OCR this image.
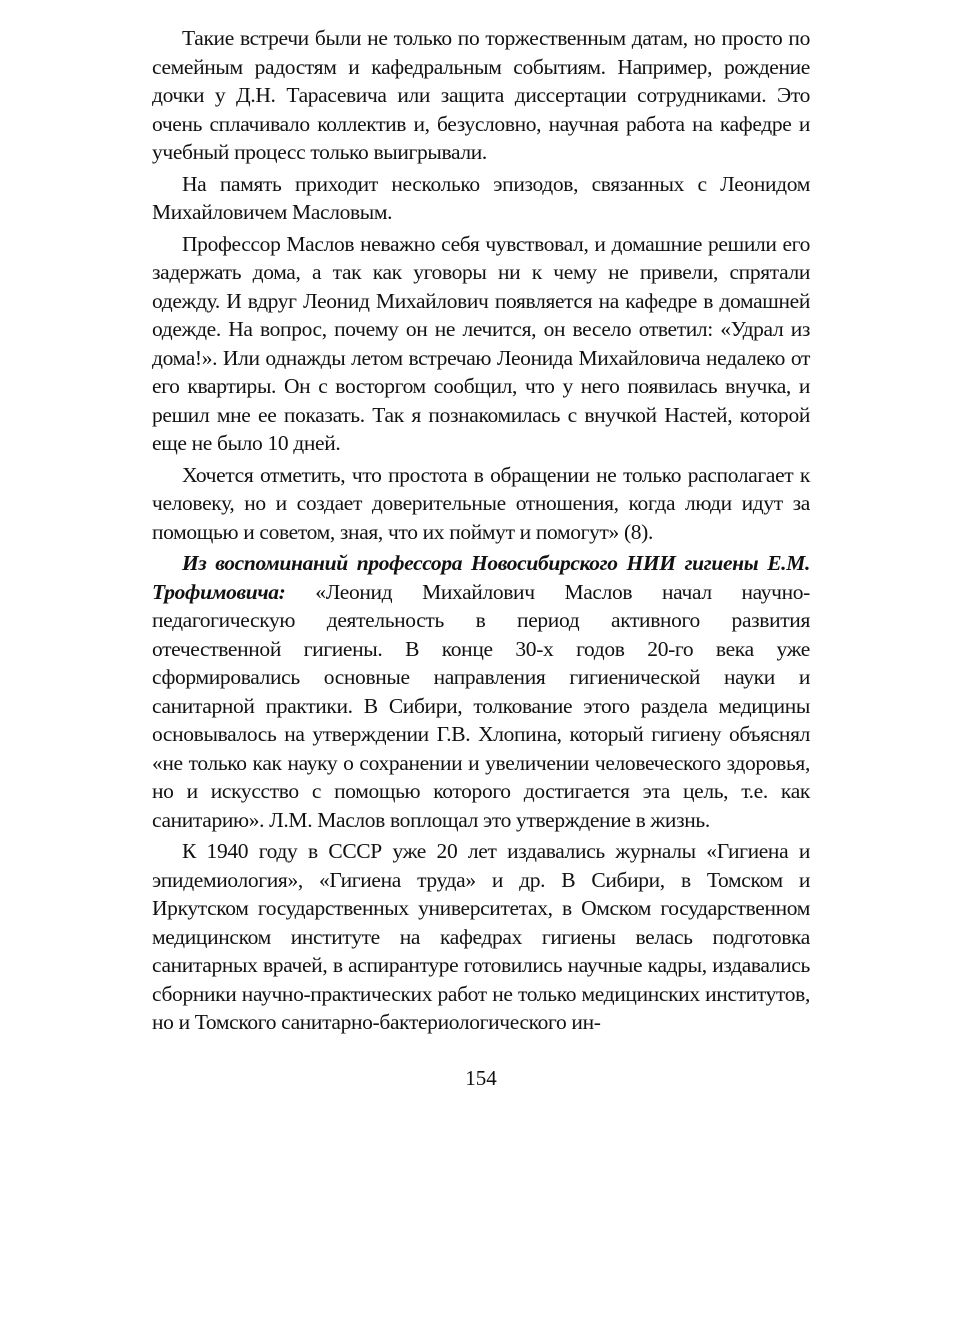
Такие встречи были не только по торжественным датам, но просто по семейным радостям и кафедральным событиям. Например, рождение дочки у Д.Н. Тарасевича или защита диссертации сотрудниками. Это очень сплачивало коллектив и, безусловно, научная работа на кафедре и учебный процесс только выигрывали.

На память приходит несколько эпизодов, связанных с Леонидом Михайловичем Масловым.

Профессор Маслов неважно себя чувствовал, и домашние решили его задержать дома, а так как уговоры ни к чему не привели, спрятали одежду. И вдруг Леонид Михайлович появляется на кафедре в домашней одежде. На вопрос, почему он не лечится, он весело ответил: «Удрал из дома!». Или однажды летом встречаю Леонида Михайловича недалеко от его квартиры. Он с восторгом сообщил, что у него появилась внучка, и решил мне ее показать. Так я познакомилась с внучкой Настей, которой еще не было 10 дней.

Хочется отметить, что простота в обращении не только располагает к человеку, но и создает доверительные отношения, когда люди идут за помощью и советом, зная, что их поймут и помогут» (8).

Из воспоминаний профессора Новосибирского НИИ гигиены Е.М. Трофимовича: «Леонид Михайлович Маслов начал научно-педагогическую деятельность в период активного развития отечественной гигиены. В конце 30-х годов 20-го века уже сформировались основные направления гигиенической науки и санитарной практики. В Сибири, толкование этого раздела медицины основывалось на утверждении Г.В. Хлопина, который гигиену объяснял «не только как науку о сохранении и увеличении человеческого здоровья, но и искусство с помощью которого достигается эта цель, т.е. как санитарию». Л.М. Маслов воплощал это утверждение в жизнь.

К 1940 году в СССР уже 20 лет издавались журналы «Гигиена и эпидемиология», «Гигиена труда» и др. В Сибири, в Томском и Иркутском государственных университетах, в Омском государственном медицинском институте на кафедрах гигиены велась подготовка санитарных врачей, в аспирантуре готовились научные кадры, издавались сборники научно-практических работ не только медицинских институтов, но и Томского санитарно-бактериологического ин-

154
